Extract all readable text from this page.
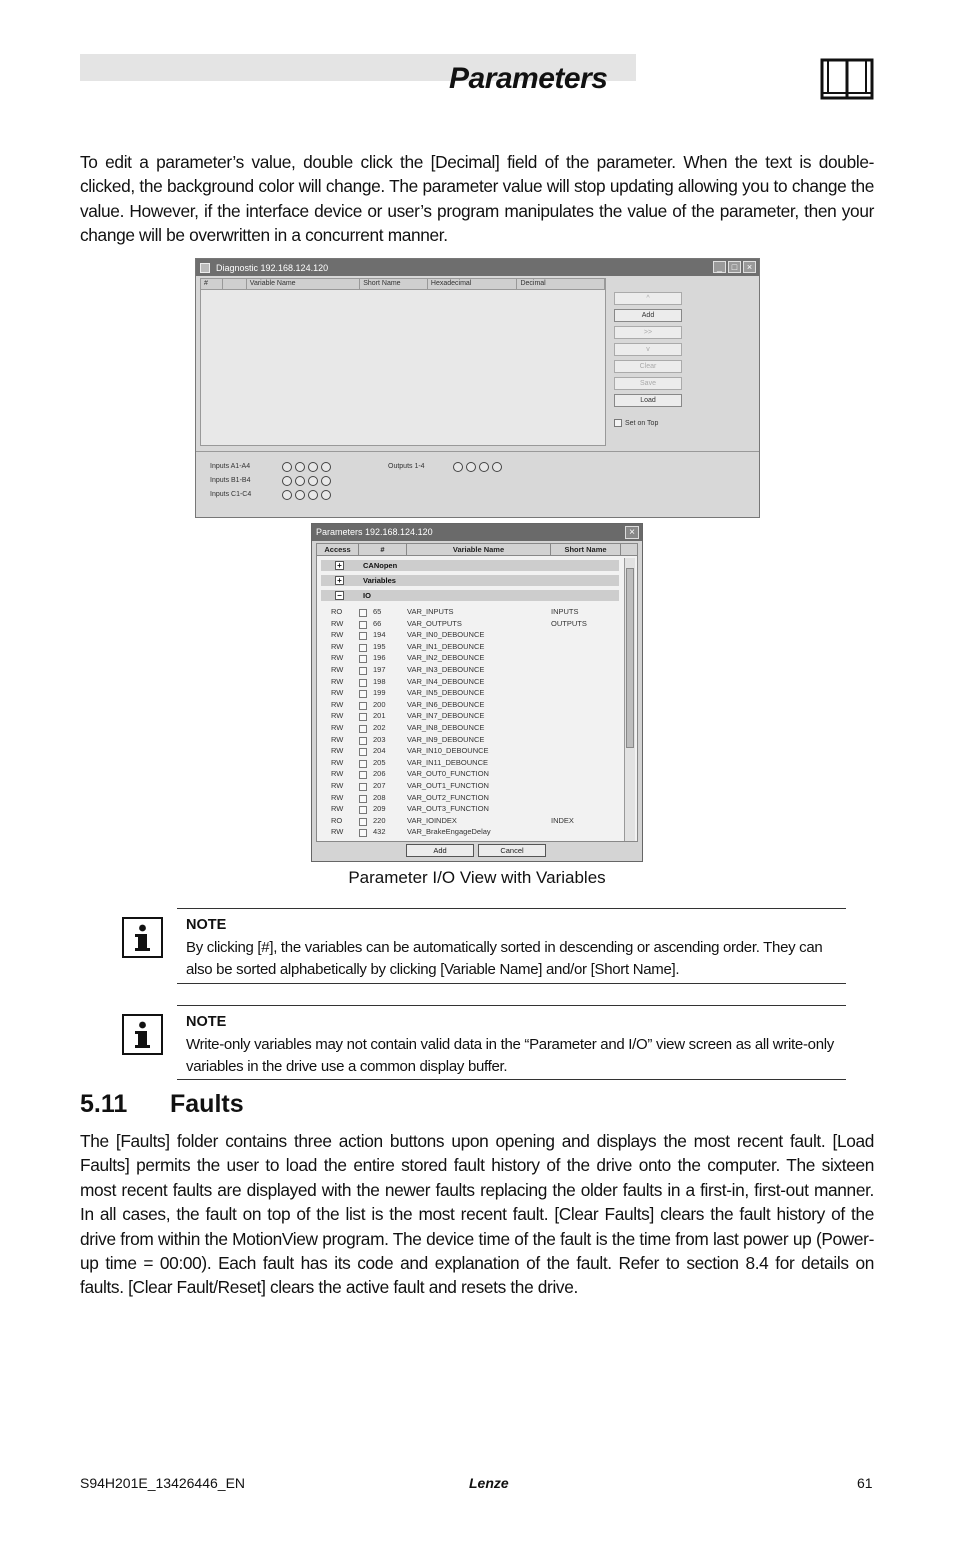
Parameters

To edit a parameter’s value, double click the [Decimal] field of the parameter. When the text is double-clicked, the background color will change. The parameter value will stop updating allowing you to change the value. However, if the interface device or user’s program manipulates the value of the parameter, then your change will be overwritten in a concurrent manner.

Diagnostic 192.168.124.120	_	□	×
#	Variable Name	Short Name	Hexadecimal	Decimal
^
Add
>>
v
Clear
Save
Load
Set on Top
Inputs A1-A4
Inputs B1-B4
Inputs C1-C4
Outputs 1-4
Parameters 192.168.124.120	×
Access	#	Variable Name	Short Name
+	CANopen
+	Variables
−	IO
RO	65	VAR_INPUTS	INPUTS
RW	66	VAR_OUTPUTS	OUTPUTS
RW	194	VAR_IN0_DEBOUNCE
RW	195	VAR_IN1_DEBOUNCE
RW	196	VAR_IN2_DEBOUNCE
RW	197	VAR_IN3_DEBOUNCE
RW	198	VAR_IN4_DEBOUNCE
RW	199	VAR_IN5_DEBOUNCE
RW	200	VAR_IN6_DEBOUNCE
RW	201	VAR_IN7_DEBOUNCE
RW	202	VAR_IN8_DEBOUNCE
RW	203	VAR_IN9_DEBOUNCE
RW	204	VAR_IN10_DEBOUNCE
RW	205	VAR_IN11_DEBOUNCE
RW	206	VAR_OUT0_FUNCTION
RW	207	VAR_OUT1_FUNCTION
RW	208	VAR_OUT2_FUNCTION
RW	209	VAR_OUT3_FUNCTION
RO	220	VAR_IOINDEX	INDEX
RW	432	VAR_BrakeEngageDelay
Add	Cancel
Parameter I/O View with Variables
NOTE
By clicking [#], the variables can be automatically sorted in descending or ascending order. They can also be sorted alphabetically by clicking [Variable Name] and/or [Short Name].
NOTE
Write-only variables may not contain valid data in the “Parameter and I/O” view screen as all write-only variables in the drive use a common display buffer.
5.11 Faults

The [Faults] folder contains three action buttons upon opening and displays the most recent fault. [Load Faults] permits the user to load the entire stored fault history of the drive onto the computer. The sixteen most recent faults are displayed with the newer faults replacing the older faults in a first-in, first-out manner. In all cases, the fault on top of the list is the most recent fault. [Clear Faults] clears the fault history of the drive from within the MotionView program. The device time of the fault is the time from last power up (Power-up time = 00:00). Each fault has its code and explanation of the fault. Refer to section 8.4 for details on faults. [Clear Fault/Reset] clears the active fault and resets the drive.

S94H201E_13426446_EN	Lenze	61
